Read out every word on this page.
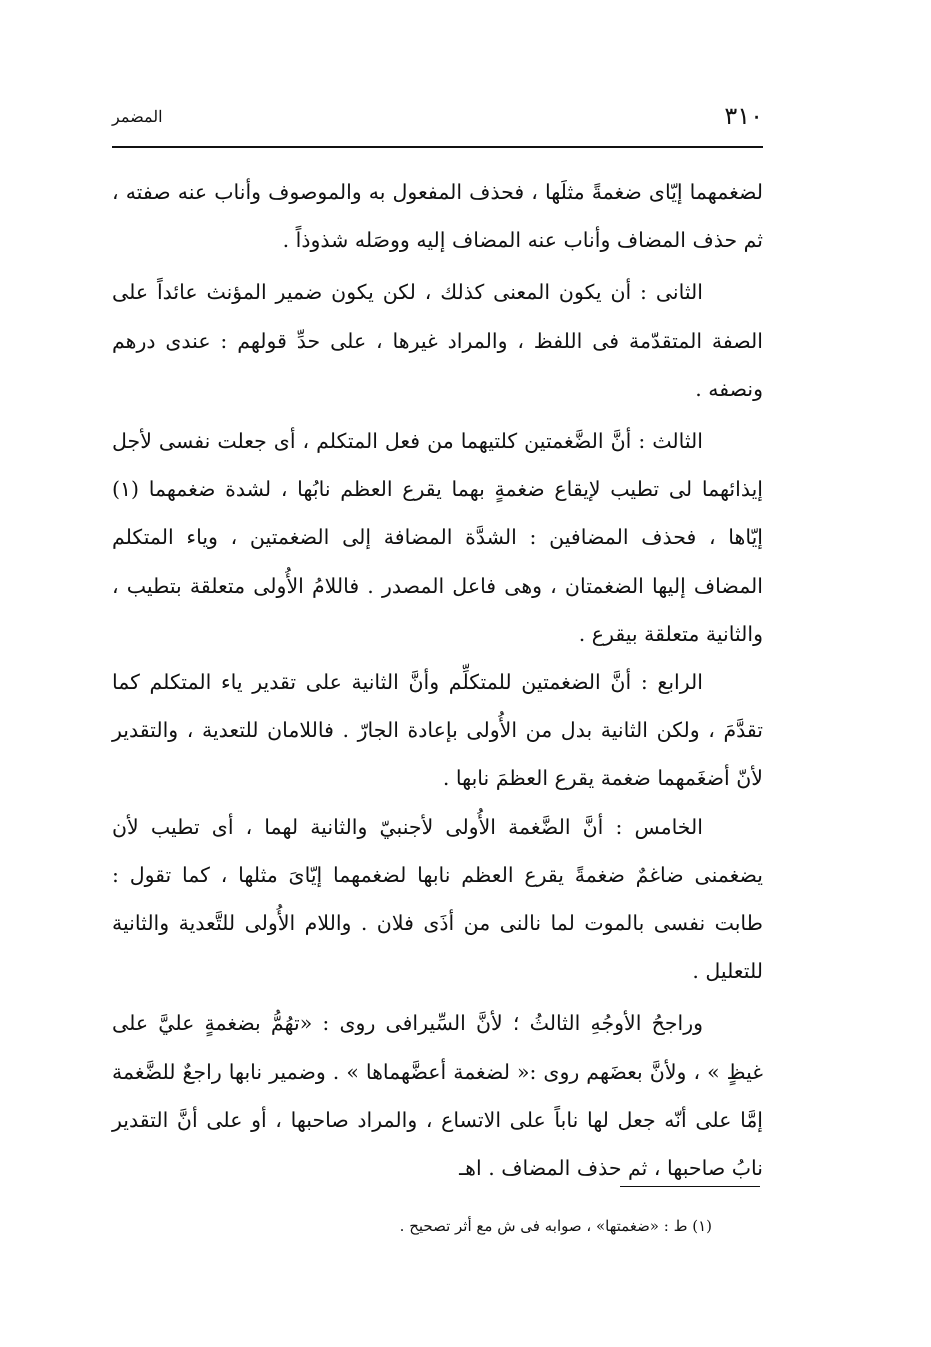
المضمر	٣١٠

لضغمهما إيّاى ضغمةً مثلَها ، فحذف المفعول به والموصوف وأناب عنه صفته ، ثم حذف المضاف وأناب عنه المضاف إليه ووصَله شذوذاً .

الثانى : أن يكون المعنى كذلك ، لكن يكون ضمير المؤنث عائداً على الصفة المتقدّمة فى اللفظ ، والمراد غيرها ، على حدِّ قولهم : عندى درهم ونصفه .

الثالث : أنَّ الضَّغمتين كلتيهما من فعل المتكلم ، أى جعلت نفسى لأجل إيذائهما لى تطيب لإيقاع ضغمةٍ بهما يقرع العظم نابُها ، لشدة ضغمهما (١) إيّاها ، فحذف المضافين : الشدَّة المضافة إلى الضغمتين ، وياء المتكلم المضاف إليها الضغمتان ، وهى فاعل المصدر . فاللامُ الأُولى متعلقة بتطيب ، والثانية متعلقة بيقرع .

الرابع : أنَّ الضغمتين للمتكلِّم وأنَّ الثانية على تقدير ياء المتكلم كما تقدَّمَ ، ولكن الثانية بدل من الأُولى بإعادة الجارّ . فاللامان للتعدية ، والتقدير لأنّ أضغَمهما ضغمة يقرع العظمَ نابها .

الخامس : أنَّ الضَّغمة الأُولى لأجنبيّ والثانية لهما ، أى تطيب لأن يضغمنى ضاغمٌ ضغمةً يقرع العظم نابها لضغمهما إيّاىَ مثلها ، كما تقول : طابت نفسى بالموت لما نالنى من أذَى فلان . واللام الأُولى للتَّعدية والثانية للتعليل .

وراجحُ الأوجُهِ الثالثُ ؛ لأنَّ السِّيرافى روى : «تهُمُّ بضغمةٍ عليَّ على غيظٍ » ، ولأنَّ بعضَهم روى :« لضغمة أعضَّهماها » . وضمير نابها راجعٌ للضَّغمة إمَّا على أنّه جعل لها ناباً على الاتساع ، والمراد صاحبها ، أو على أنَّ التقدير نابُ صاحبها ، ثم حذف المضاف . اهـ

(١) ط : «ضغمتها» ، صوابه فى ش مع أثر تصحيح .
